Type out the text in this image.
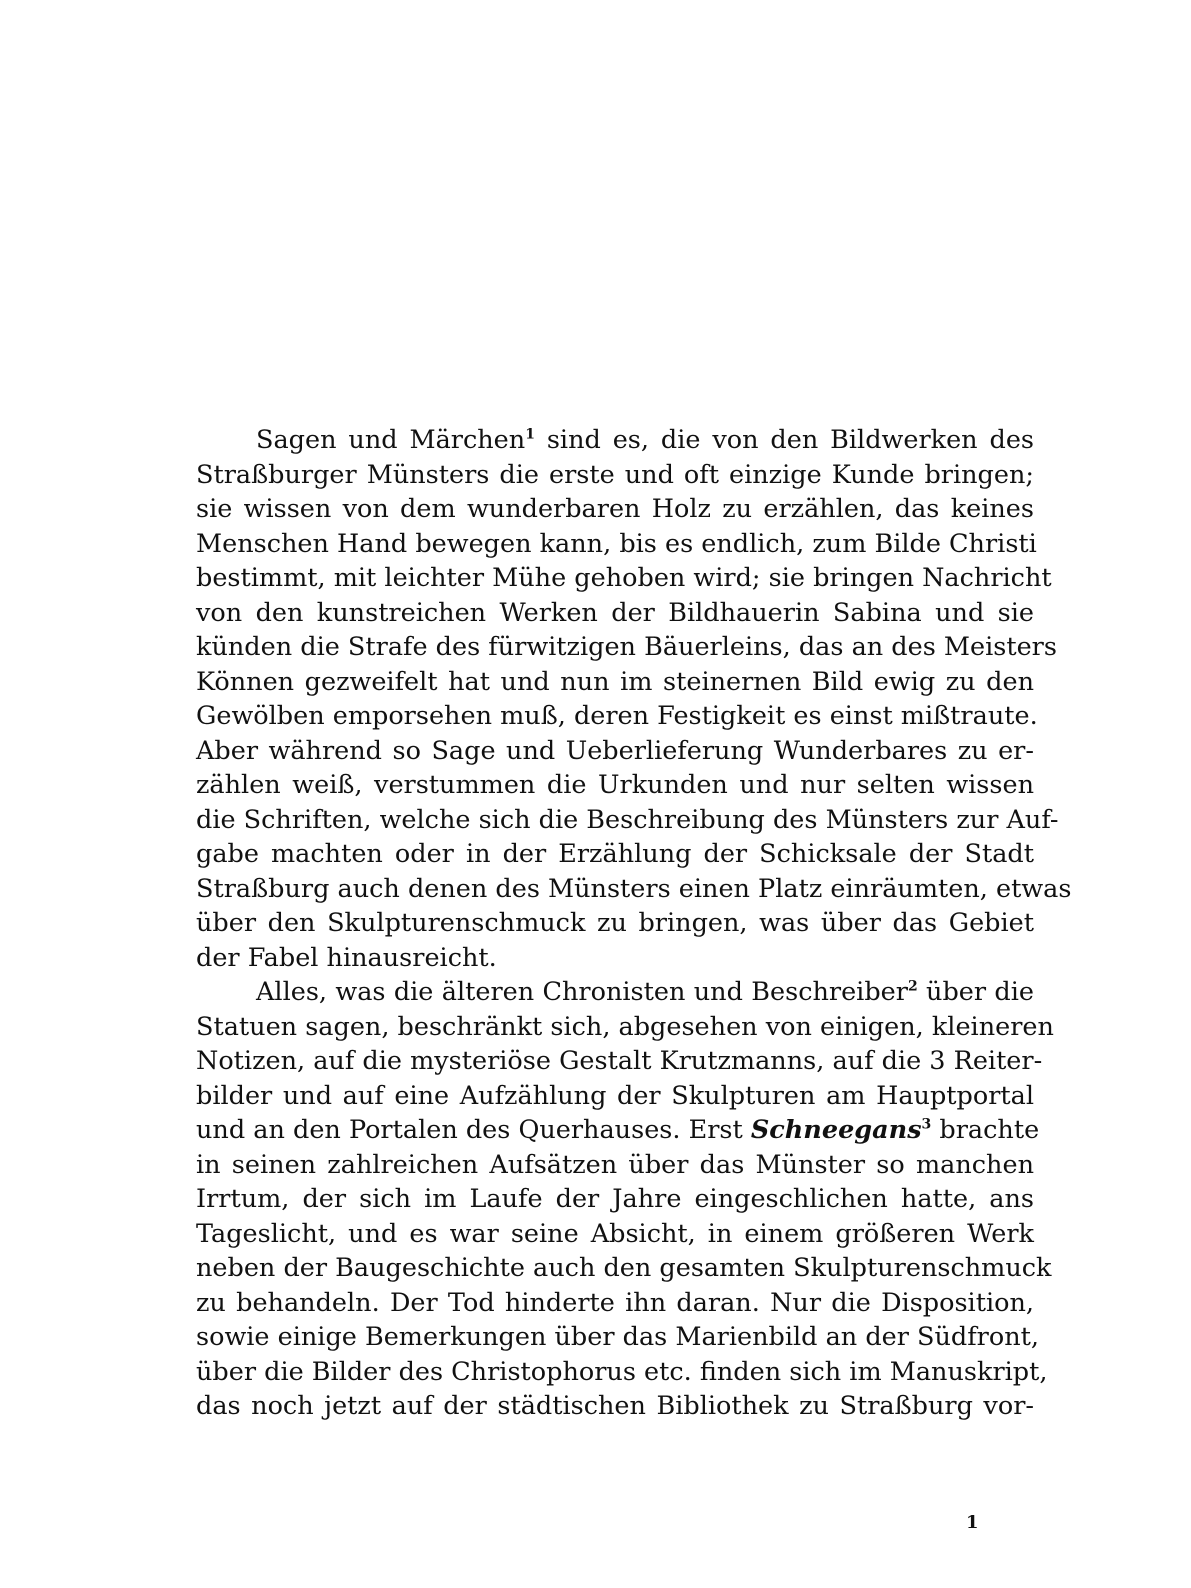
Sagen und Märchen$^1$ sind es, die von den Bildwerken des
Straßburger Münsters die erste und oft einzige Kunde bringen;
sie wissen von dem wunderbaren Holz zu erzählen, das keines
Menschen Hand bewegen kann, bis es endlich, zum Bilde Christi
bestimmt, mit leichter Mühe gehoben wird; sie bringen Nachricht
von den kunstreichen Werken der Bildhauerin Sabina und sie
künden die Strafe des fürwitzigen Bäuerleins, das an des Meisters
Können gezweifelt hat und nun im steinernen Bild ewig zu den
Gewölben emporsehen muß, deren Festigkeit es einst mißtraute.
Aber während so Sage und Ueberlieferung Wunderbares zu er-
zählen weiß, verstummen die Urkunden und nur selten wissen
die Schriften, welche sich die Beschreibung des Münsters zur Auf-
gabe machten oder in der Erzählung der Schicksale der Stadt
Straßburg auch denen des Münsters einen Platz einräumten, etwas
über den Skulpturenschmuck zu bringen, was über das Gebiet
der Fabel hinausreicht.
Alles, was die älteren Chronisten und Beschreiber$^2$ über die
Statuen sagen, beschränkt sich, abgesehen von einigen, kleineren
Notizen, auf die mysteriöse Gestalt Krutzmanns, auf die 3 Reiter-
bilder und auf eine Aufzählung der Skulpturen am Hauptportal
und an den Portalen des Querhauses. Erst Schneegans$^3$ brachte
in seinen zahlreichen Aufsätzen über das Münster so manchen
Irrtum, der sich im Laufe der Jahre eingeschlichen hatte, ans
Tageslicht, und es war seine Absicht, in einem größeren Werk
neben der Baugeschichte auch den gesamten Skulpturenschmuck
zu behandeln. Der Tod hinderte ihn daran. Nur die Disposition,
sowie einige Bemerkungen über das Marienbild an der Südfront,
über die Bilder des Christophorus etc. finden sich im Manuskript,
das noch jetzt auf der städtischen Bibliothek zu Straßburg vor-
1
